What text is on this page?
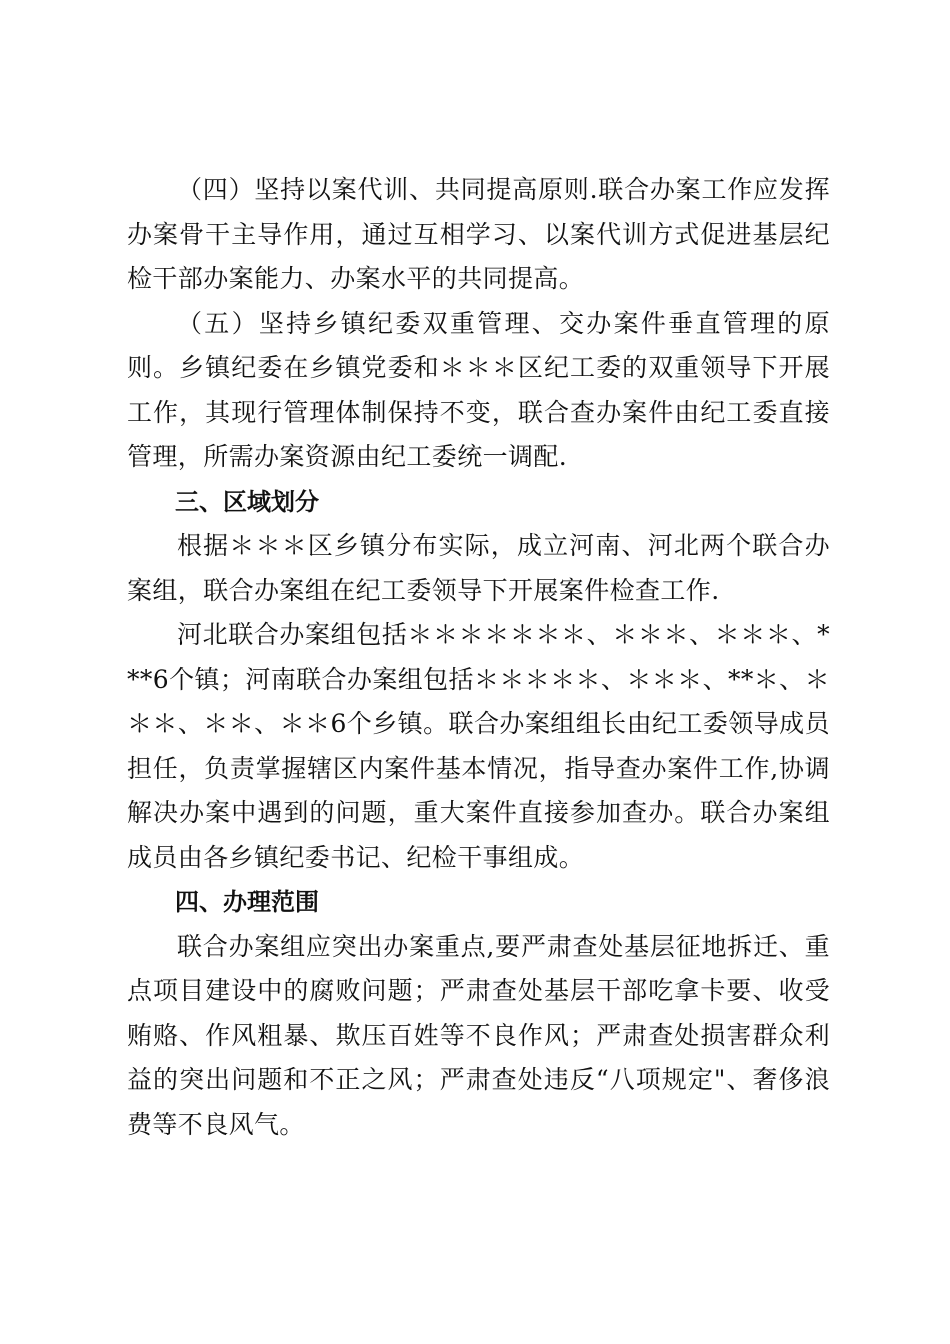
（四）坚持以案代训、共同提高原则.联合办案工作应发挥办案骨干主导作用，通过互相学习、以案代训方式促进基层纪检干部办案能力、办案水平的共同提高。

（五）坚持乡镇纪委双重管理、交办案件垂直管理的原则。乡镇纪委在乡镇党委和＊＊＊区纪工委的双重领导下开展工作，其现行管理体制保持不变，联合查办案件由纪工委直接管理，所需办案资源由纪工委统一调配.

三、区域划分

根据＊＊＊区乡镇分布实际，成立河南、河北两个联合办案组，联合办案组在纪工委领导下开展案件检查工作.

河北联合办案组包括＊＊＊＊＊＊＊、＊＊＊、＊＊＊、***6个镇；河南联合办案组包括＊＊＊＊＊、＊＊＊、**＊、＊＊＊、＊＊、＊＊6个乡镇。联合办案组组长由纪工委领导成员担任，负责掌握辖区内案件基本情况，指导查办案件工作,协调解决办案中遇到的问题，重大案件直接参加查办。联合办案组成员由各乡镇纪委书记、纪检干事组成。

四、办理范围

联合办案组应突出办案重点,要严肃查处基层征地拆迁、重点项目建设中的腐败问题；严肃查处基层干部吃拿卡要、收受贿赂、作风粗暴、欺压百姓等不良作风；严肃查处损害群众利益的突出问题和不正之风；严肃查处违反“八项规定"、奢侈浪费等不良风气。
